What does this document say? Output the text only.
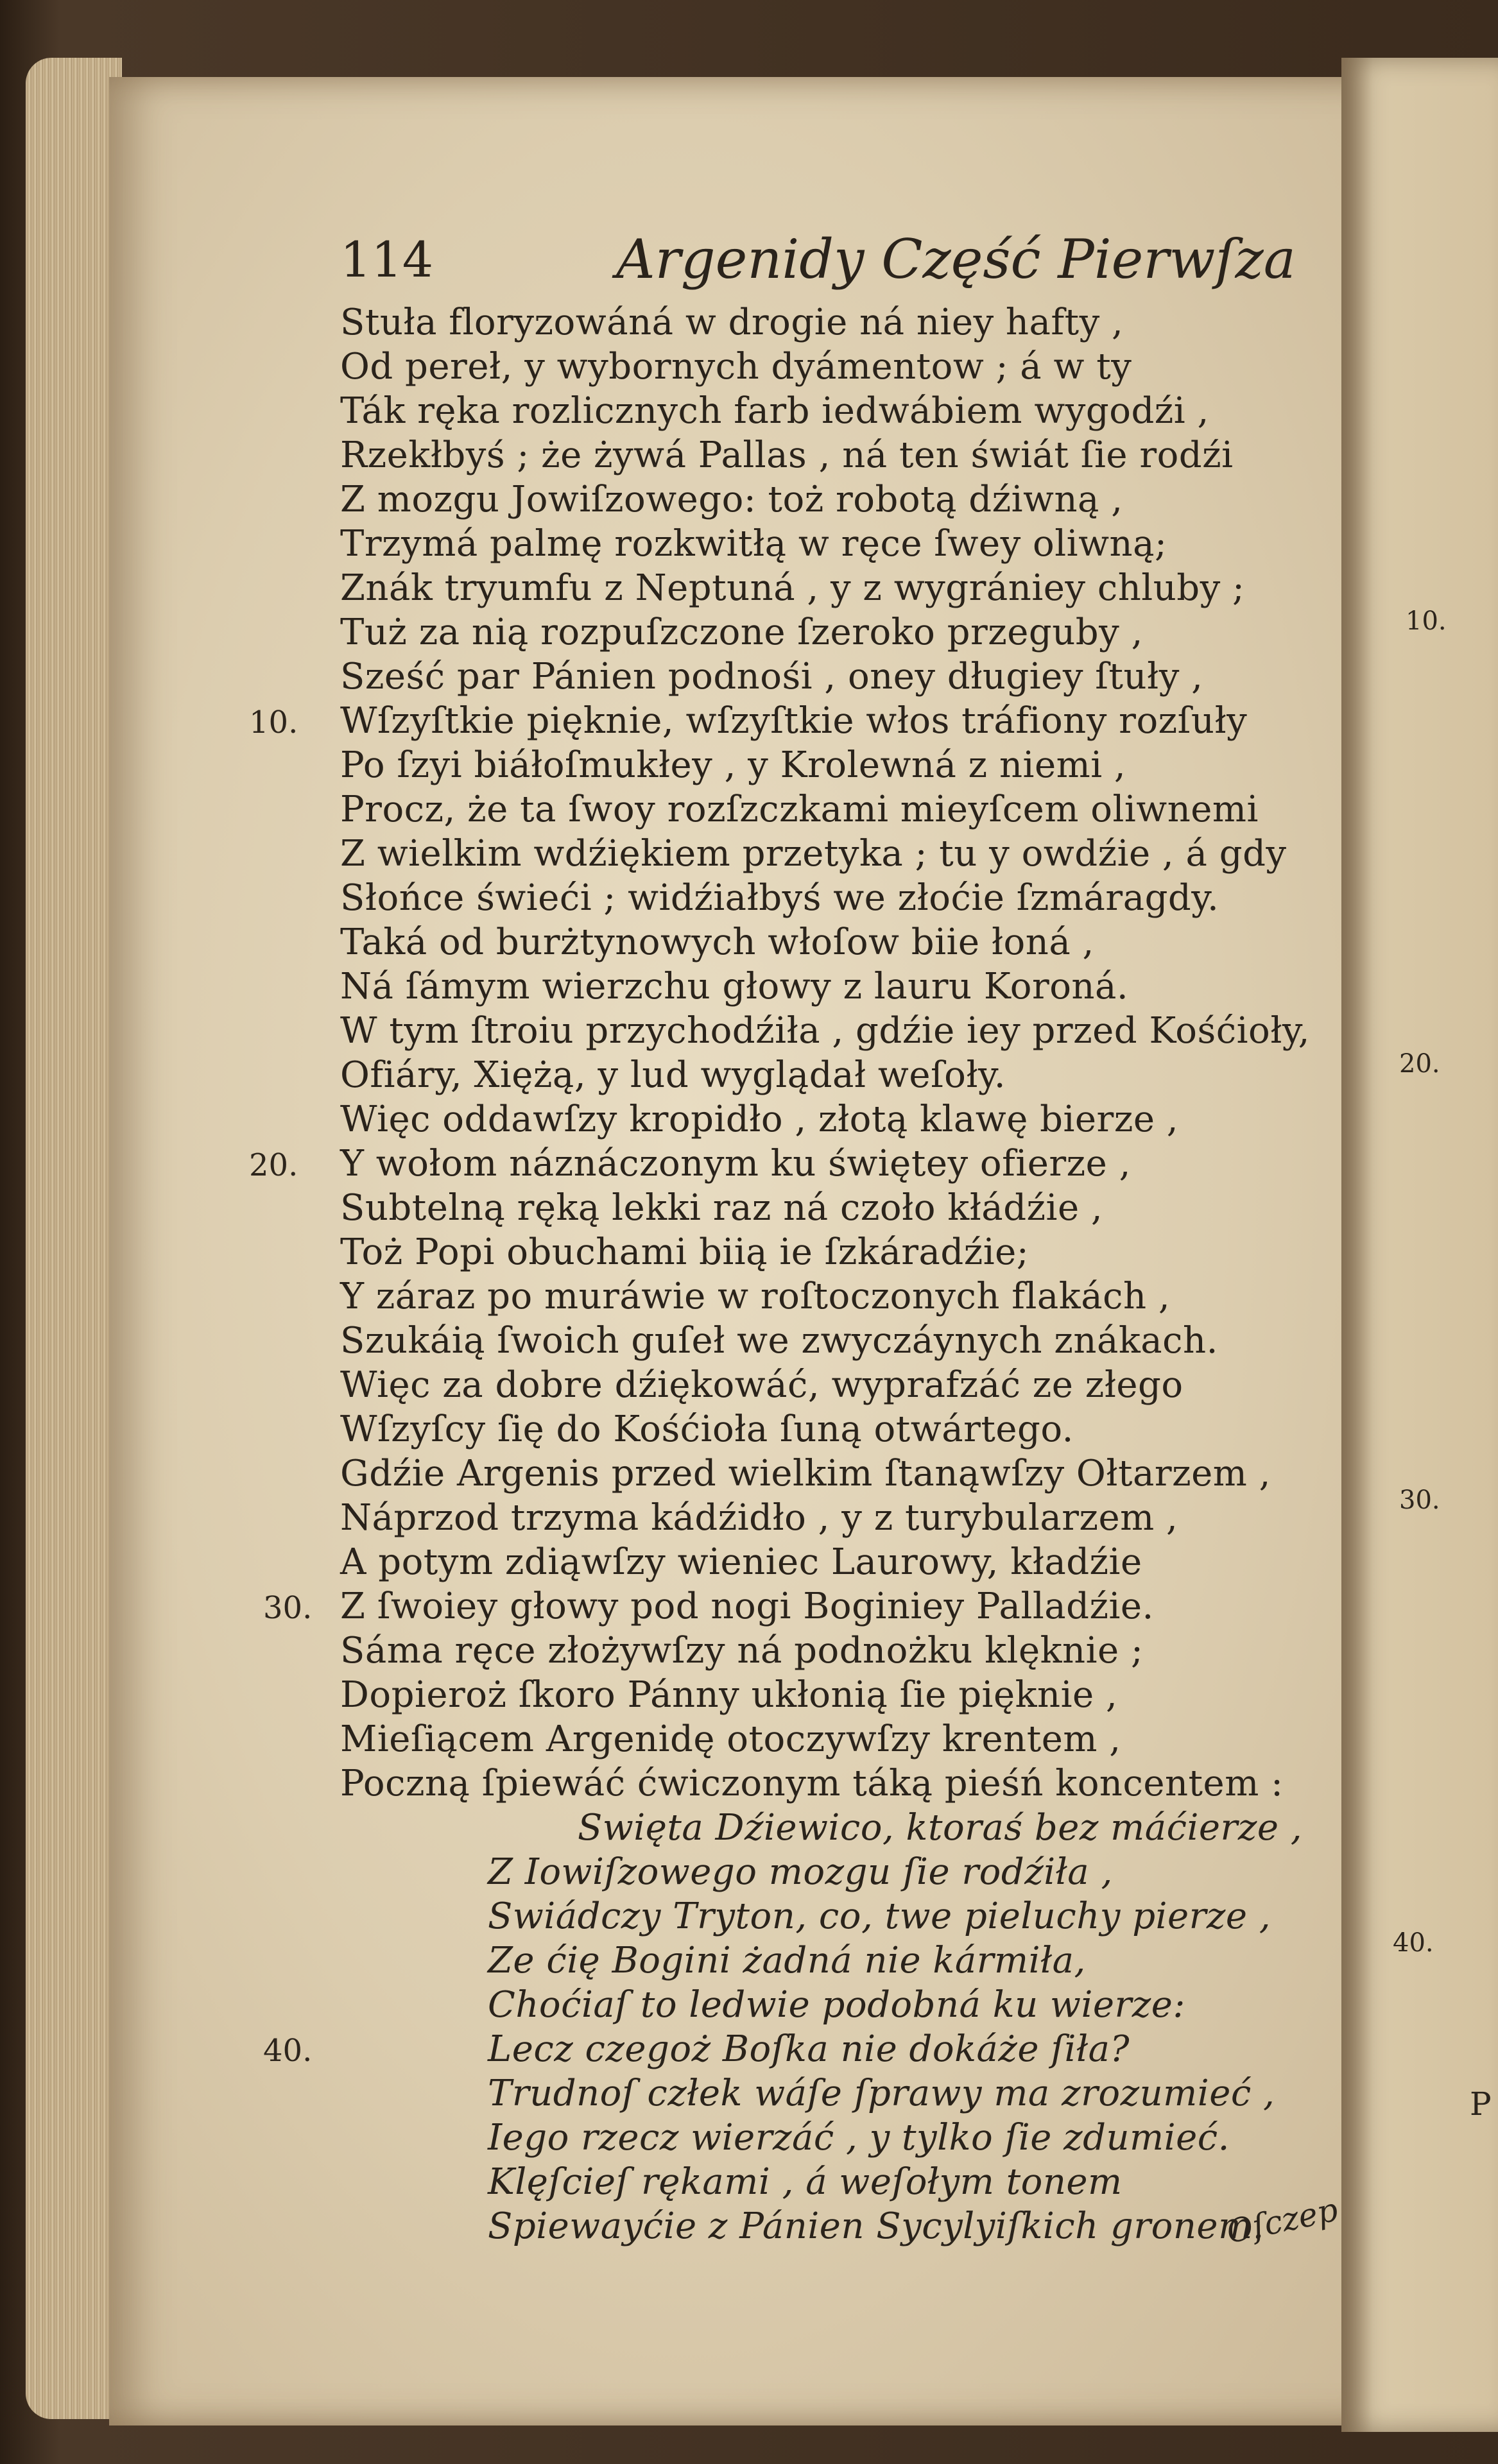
114	Argenidy Część Pierwſza
Stuła floryzowáná w drogie ná niey hafty ,
Od pereł, y wybornych dyámentow ; á w ty
Ták ręka rozlicznych farb iedwábiem wygodźi ,
Rzekłbyś ; że żywá Pallas , ná ten świát ſie rodźi
Z mozgu Jowiſzowego: toż robotą dźiwną ,
Trzymá palmę rozkwitłą w ręce ſwey oliwną;
Znák tryumfu z Neptuná , y z wygrániey chluby ;
Tuż za nią rozpuſzczone ſzeroko przeguby ,
Sześć par Pánien podnośi , oney długiey ſtuły ,
Wſzyſtkie pięknie, wſzyſtkie włos tráfiony rozſuły
Po ſzyi biáłoſmukłey , y Krolewná z niemi ,
Procz, że ta ſwoy rozſzczkami mieyſcem oliwnemi
Z wielkim wdźiękiem przetyka ; tu y owdźie , á gdy
Słońce świeći ; widźiałbyś we złoćie ſzmáragdy.
Taká od burżtynowych włoſow biie łoná ,
Ná ſámym wierzchu głowy z lauru Koroná.
W tym ſtroiu przychodźiła , gdźie iey przed Kośćioły,
Ofiáry, Xiężą, y lud wyglądał weſoły.
Więc oddawſzy kropidło , złotą klawę bierze ,
Y wołom náznáczonym ku świętey ofierze ,
Subtelną ręką lekki raz ná czoło kłádźie ,
Toż Popi obuchami biią ie ſzkáradźie;
Y záraz po muráwie w roſtoczonych flakách ,
Szukáią ſwoich guſeł we zwyczáynych znákach.
Więc za dobre dźiękowáć, wyprafzáć ze złego
Wſzyſcy ſię do Kośćioła ſuną otwártego.
Gdźie Argenis przed wielkim ſtanąwſzy Ołtarzem ,
Náprzod trzyma kádźidło , y z turybularzem ,
A potym zdiąwſzy wieniec Laurowy, kładźie
Z ſwoiey głowy pod nogi Boginiey Palladźie.
Sáma ręce złożywſzy ná podnożku klęknie ;
Dopieroż ſkoro Pánny ukłonią ſie pięknie ,
Mieſiącem Argenidę otoczywſzy krentem ,
Poczną ſpiewáć ćwiczonym táką pieśń koncentem :
Swięta Dźiewico, ktoraś bez máćierze ,
Z Iowiſzowego mozgu ſie rodźiła ,
Swiádczy Tryton, co, twe pieluchy pierze ,
Ze ćię Bogini żadná nie kármiła,
Choćiaſ to ledwie podobná ku wierze:
Lecz czegoż Boſka nie dokáże ſiła?
Trudnoſ człek wáſe ſprawy ma zrozumieć ,
Iego rzecz wierzáć , y tylko ſie zdumieć.
Klęſcieſ rękami , á weſołym tonem
Spiewayćie z Pánien Sycylyiſkich gronem.
10.
20.
30.
40.
10.
20.
30.
40.
Oſczep
P
